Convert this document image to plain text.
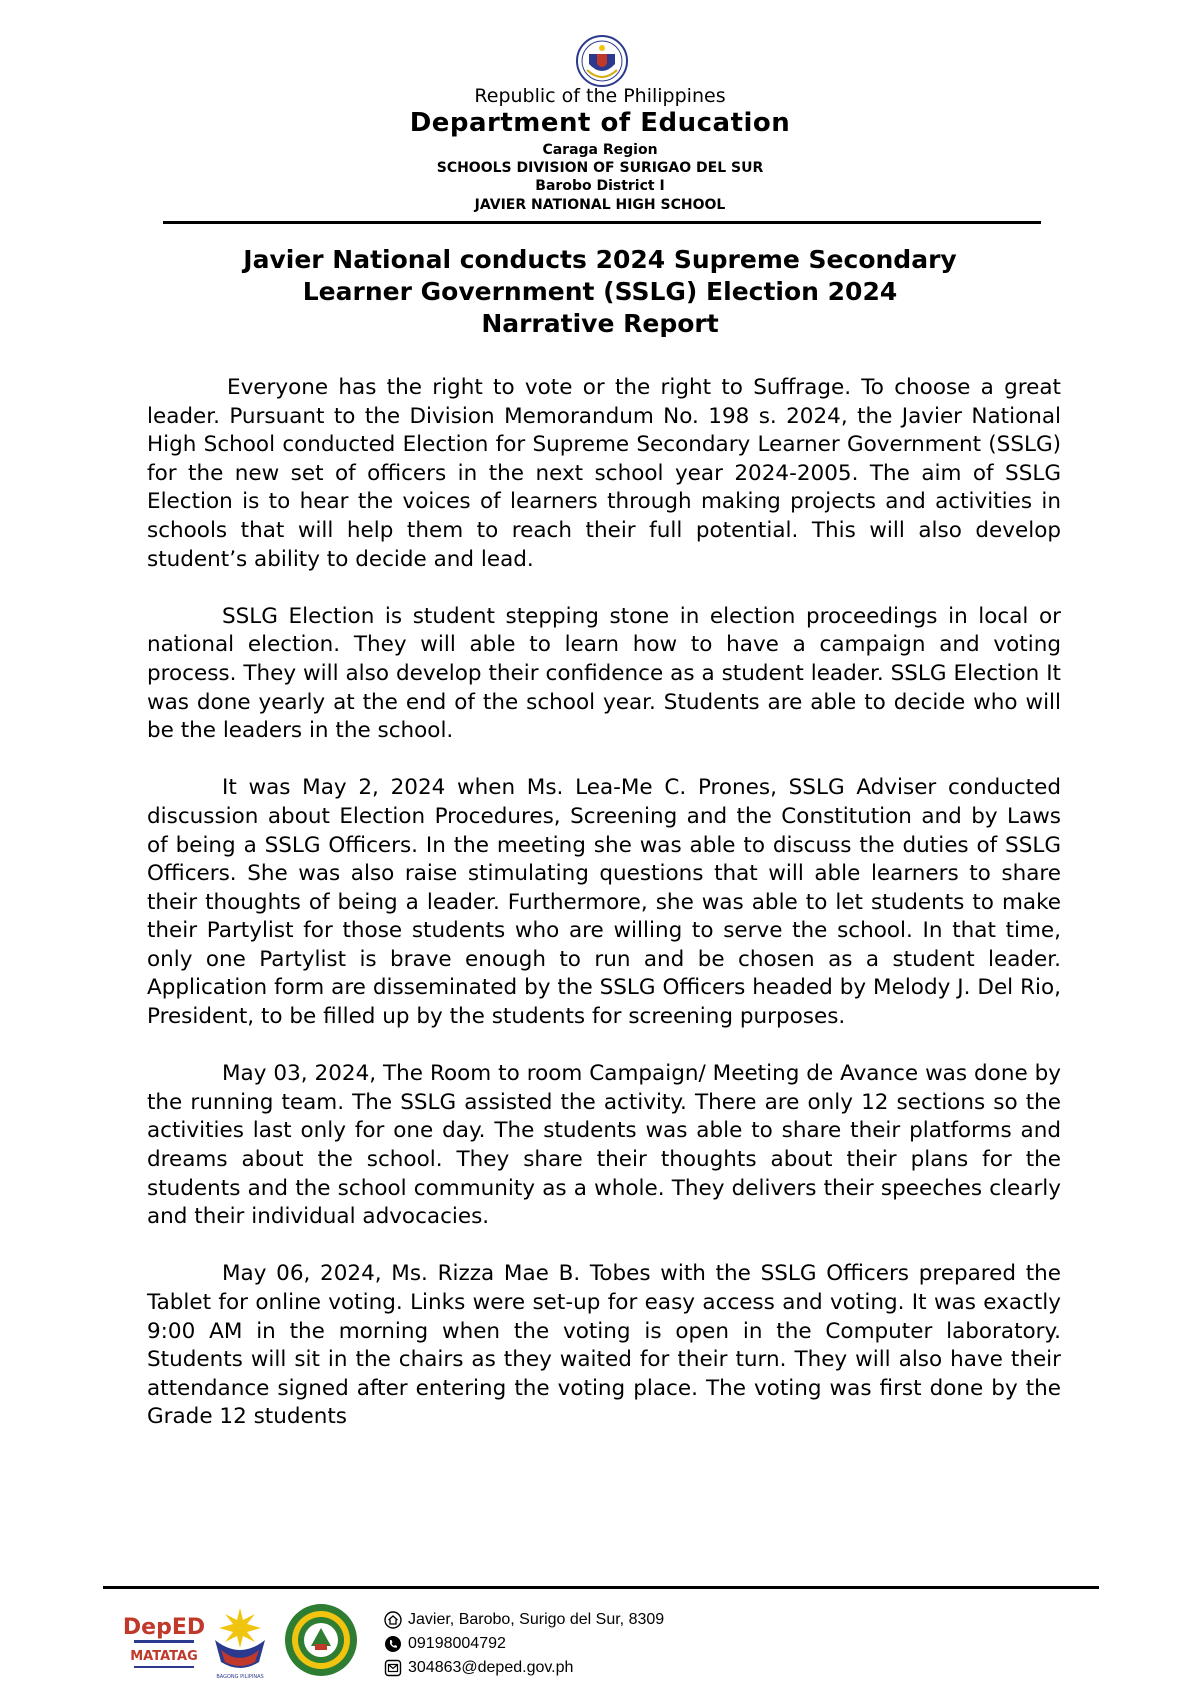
Republic of the Philippines
Department of Education
Caraga Region
SCHOOLS DIVISION OF SURIGAO DEL SUR
Barobo District I
JAVIER NATIONAL HIGH SCHOOL
Javier National conducts 2024 Supreme Secondary
Learner Government (SSLG) Election 2024
Narrative Report

Everyone has the right to vote or the right to Suffrage. To choose a great leader. Pursuant to the Division Memorandum No. 198 s. 2024, the Javier National High School conducted Election for Supreme Secondary Learner Government (SSLG) for the new set of officers in the next school year 2024-2005. The aim of SSLG Election is to hear the voices of learners through making projects and activities in schools that will help them to reach their full potential. This will also develop student’s ability to decide and lead.

SSLG Election is student stepping stone in election proceedings in local or national election. They will able to learn how to have a campaign and voting process. They will also develop their confidence as a student leader. SSLG Election It was done yearly at the end of the school year. Students are able to decide who will be the leaders in the school.

It was May 2, 2024 when Ms. Lea-Me C. Prones, SSLG Adviser conducted discussion about Election Procedures, Screening and the Constitution and by Laws of being a SSLG Officers. In the meeting she was able to discuss the duties of SSLG Officers. She was also raise stimulating questions that will able learners to share their thoughts of being a leader. Furthermore, she was able to let students to make their Partylist for those students who are willing to serve the school. In that time, only one Partylist is brave enough to run and be chosen as a student leader. Application form are disseminated by the SSLG Officers headed by Melody J. Del Rio, President, to be filled up by the students for screening purposes.

May 03, 2024, The Room to room Campaign/ Meeting de Avance was done by the running team. The SSLG assisted the activity. There are only 12 sections so the activities last only for one day. The students was able to share their platforms and dreams about the school. They share their thoughts about their plans for the students and the school community as a whole. They delivers their speeches clearly and their individual advocacies.

May 06, 2024, Ms. Rizza Mae B. Tobes with the SSLG Officers prepared the Tablet for online voting. Links were set-up for easy access and voting. It was exactly 9:00 AM in the morning when the voting is open in the Computer laboratory. Students will sit in the chairs as they waited for their turn. They will also have their attendance signed after entering the voting place. The voting was first done by the Grade 12 students

DepED
MATATAG
BAGONG PILIPINAS
Javier, Barobo, Surigo del Sur, 8309
09198004792
304863@deped.gov.ph
